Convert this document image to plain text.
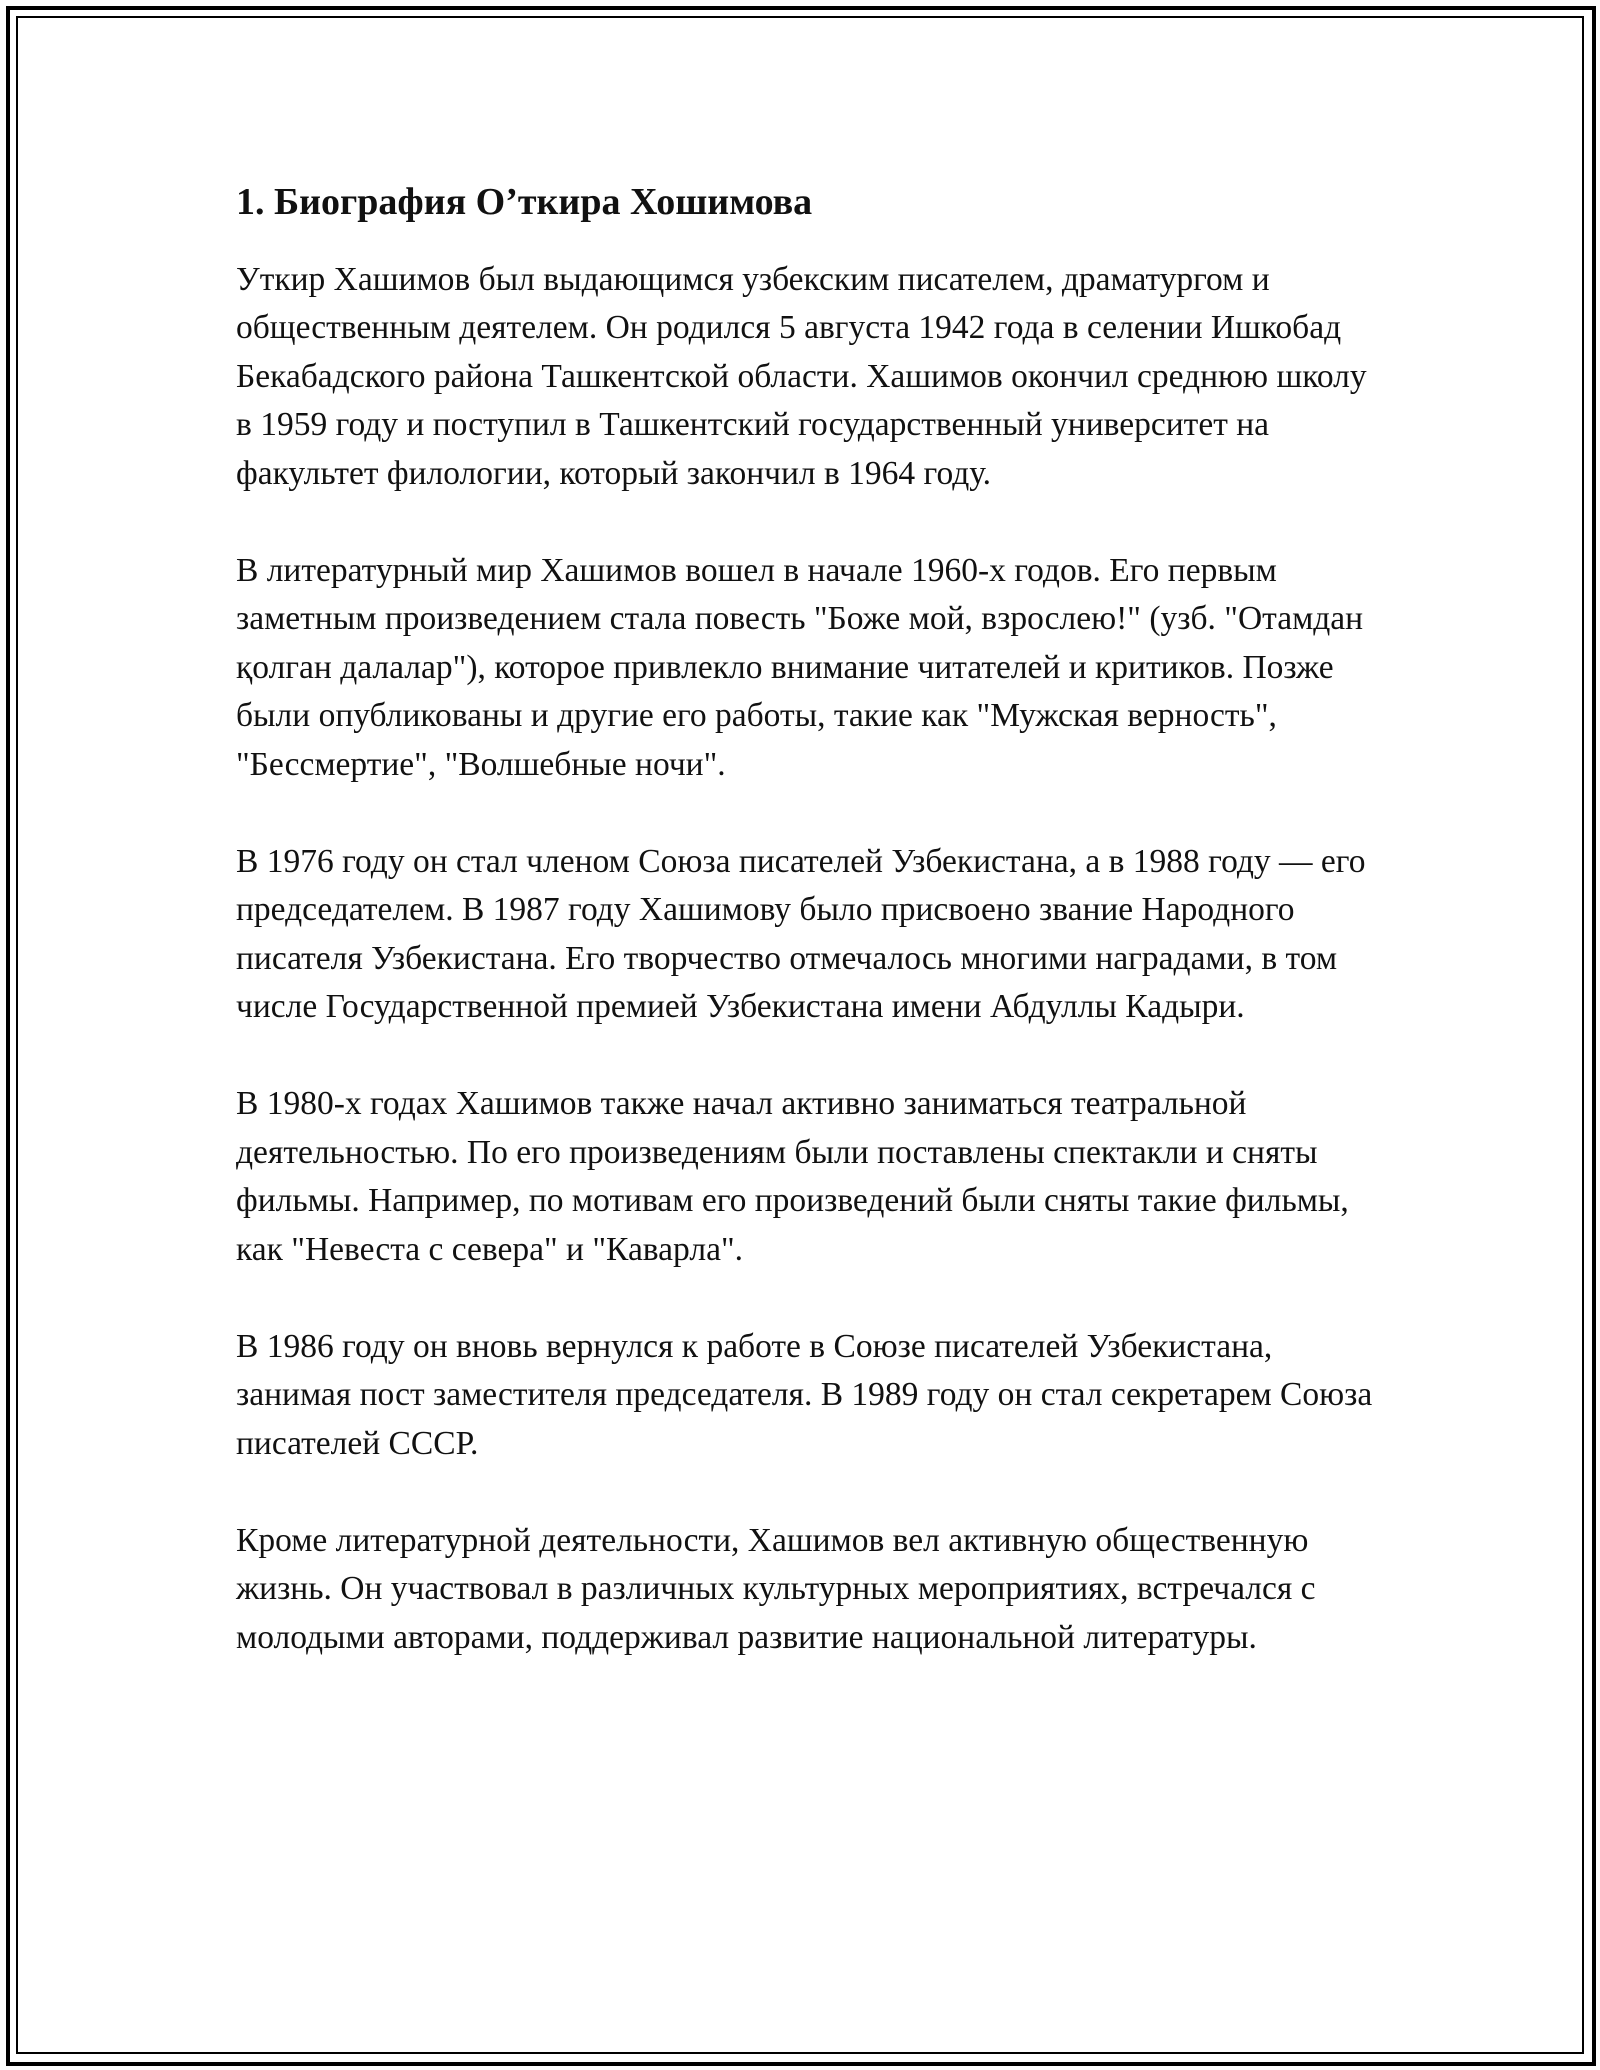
1. Биография О’ткира Хошимова

Уткир Хашимов был выдающимся узбекским писателем, драматургом и общественным деятелем. Он родился 5 августа 1942 года в селении Ишкобад Бекабадского района Ташкентской области. Хашимов окончил среднюю школу в 1959 году и поступил в Ташкентский государственный университет на факультет филологии, который закончил в 1964 году.

В литературный мир Хашимов вошел в начале 1960-х годов. Его первым заметным произведением стала повесть "Боже мой, взрослею!" (узб. "Отамдан қолган далалар"), которое привлекло внимание читателей и критиков. Позже были опубликованы и другие его работы, такие как "Мужская верность", "Бессмертие", "Волшебные ночи".

В 1976 году он стал членом Союза писателей Узбекистана, а в 1988 году — его председателем. В 1987 году Хашимову было присвоено звание Народного писателя Узбекистана. Его творчество отмечалось многими наградами, в том числе Государственной премией Узбекистана имени Абдуллы Кадыри.

В 1980-х годах Хашимов также начал активно заниматься театральной деятельностью. По его произведениям были поставлены спектакли и сняты фильмы. Например, по мотивам его произведений были сняты такие фильмы, как "Невеста с севера" и "Каварла".

В 1986 году он вновь вернулся к работе в Союзе писателей Узбекистана, занимая пост заместителя председателя. В 1989 году он стал секретарем Союза писателей СССР.

Кроме литературной деятельности, Хашимов вел активную общественную жизнь. Он участвовал в различных культурных мероприятиях, встречался с молодыми авторами, поддерживал развитие национальной литературы.
